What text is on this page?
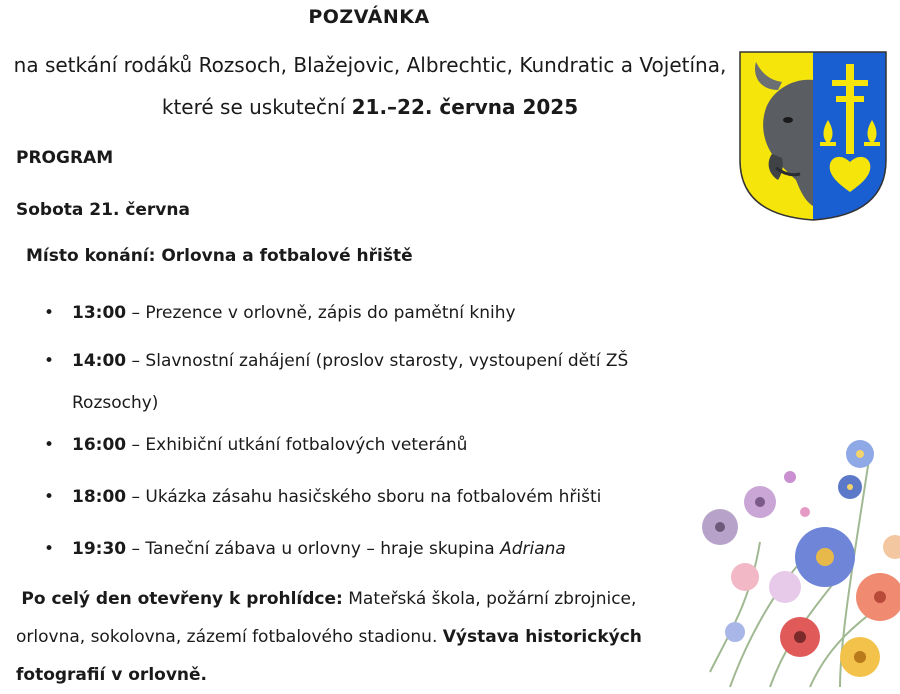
POZVÁNKA
na setkání rodáků Rozsoch, Blažejovic, Albrechtic, Kundratic a Vojetína, které se uskuteční 21.–22. června 2025
PROGRAM
Sobota 21. června
Místo konání: Orlovna a fotbalové hřiště
• 13:00 – Prezence v orlovně, zápis do pamětní knihy
• 14:00 – Slavnostní zahájení (proslov starosty, vystoupení dětí ZŠ Rozsochy)
• 16:00 – Exhibiční utkání fotbalových veteránů
• 18:00 – Ukázka zásahu hasičského sboru na fotbalovém hřišti
• 19:30 – Taneční zábava u orlovny – hraje skupina Adriana
Po celý den otevřeny k prohlídce: Mateřská škola, požární zbrojnice, orlovna, sokolovna, zázemí fotbalového stadionu. Výstava historických fotografií v orlovně.
